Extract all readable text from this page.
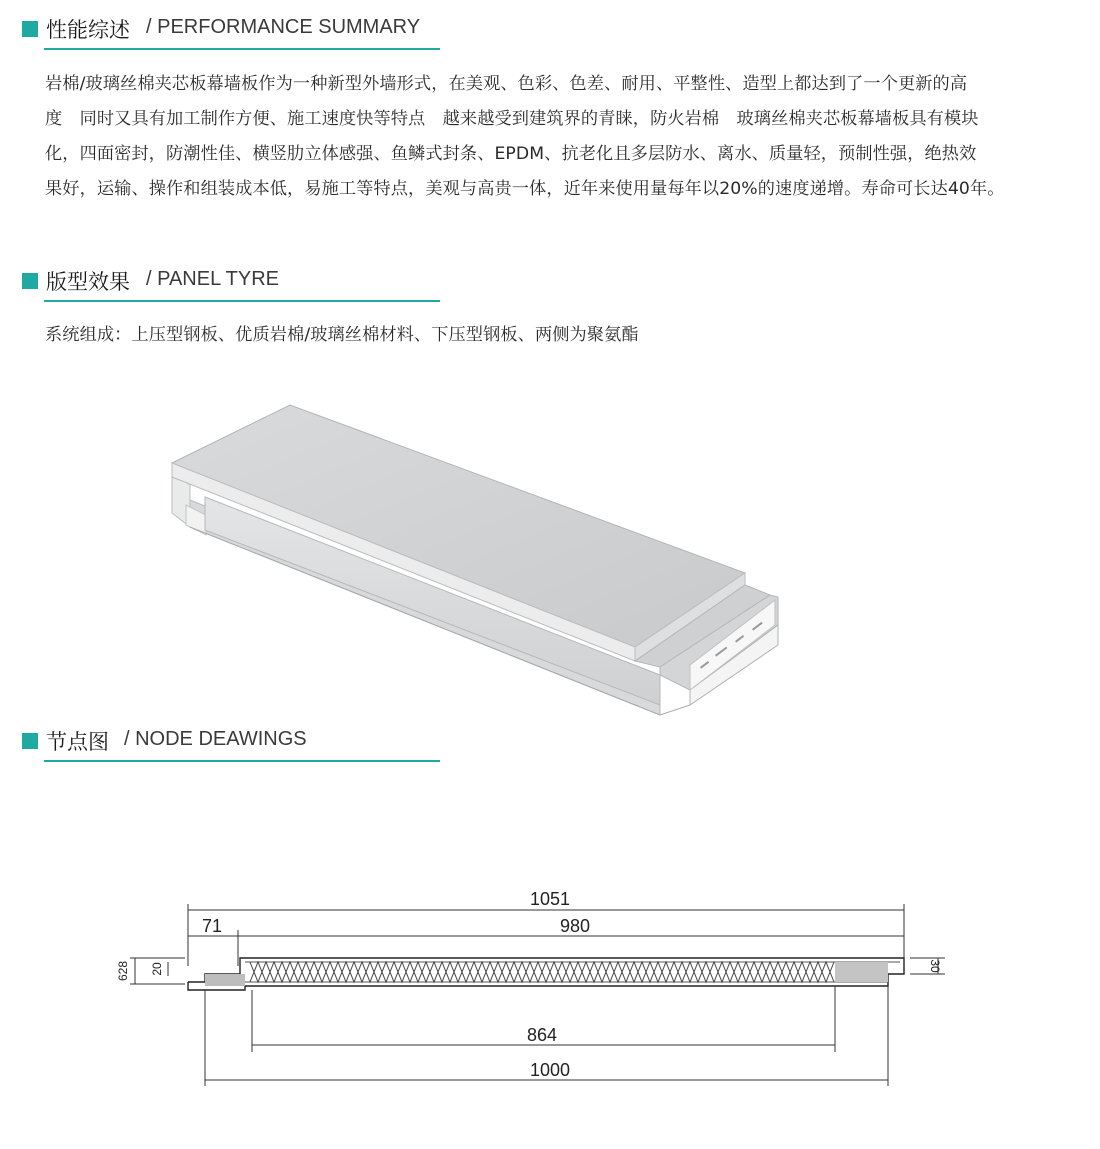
性能综述 / PERFORMANCE SUMMARY
岩棉/玻璃丝棉夹芯板幕墙板作为一种新型外墙形式，在美观、色彩、色差、耐用、平整性、造型上都达到了一个更新的高
度　同时又具有加工制作方便、施工速度快等特点　越来越受到建筑界的青睐，防火岩棉　玻璃丝棉夹芯板幕墙板具有模块
化，四面密封，防潮性佳、横竖肋立体感强、鱼鳞式封条、EPDM、抗老化且多层防水、离水、质量轻，预制性强，绝热效
果好，运输、操作和组装成本低，易施工等特点，美观与高贵一体，近年来使用量每年以20%的速度递增。寿命可长达40年。
版型效果 / PANEL TYRE
系统组成：上压型钢板、优质岩棉/玻璃丝棉材料、下压型钢板、两侧为聚氨酯
节点图 / NODE DEAWINGS
1051
71	980
628 20	30
864
1000
